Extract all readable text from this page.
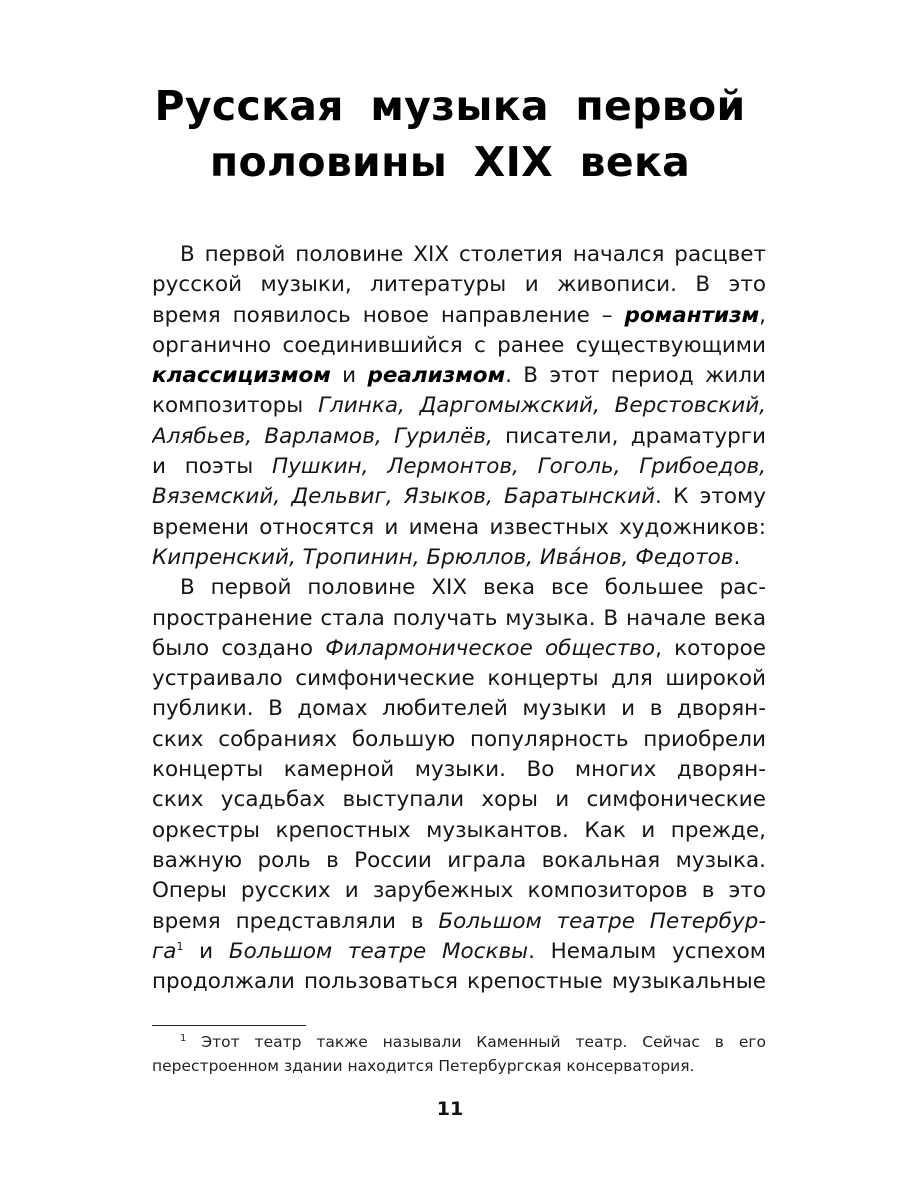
Русская музыка первой
половины XIX века
В первой половине XIX столетия начался расцвет
русской музыки, литературы и живописи. В это
время появилось новое направление – романтизм,
органично соединившийся с ранее существующими
классицизмом и реализмом. В этот период жили
композиторы Глинка, Даргомыжский, Верстовский,
Алябьев, Варламов, Гурилёв, писатели, драматурги
и поэты Пушкин, Лермонтов, Гоголь, Грибоедов,
Вяземский, Дельвиг, Языков, Баратынский. К этому
времени относятся и имена известных художников:
Кипренский, Тропинин, Брюллов, Ива́нов, Федотов.
В первой половине XIX века все большее рас-
пространение стала получать музыка. В начале века
было создано Филармоническое общество, которое
устраивало симфонические концерты для широкой
публики. В домах любителей музыки и в дворян-
ских собраниях большую популярность приобрели
концерты камерной музыки. Во многих дворян-
ских усадьбах выступали хоры и симфонические
оркестры крепостных музыкантов. Как и прежде,
важную роль в России играла вокальная музыка.
Оперы русских и зарубежных композиторов в это
время представляли в Большом театре Петербур-
$га^1$ и Большом театре Москвы. Немалым успехом
продолжали пользоваться крепостные музыкальные
$^1$ Этот театр также называли Каменный театр. Сейчас в его
перестроенном здании находится Петербургская консерватория.
11
